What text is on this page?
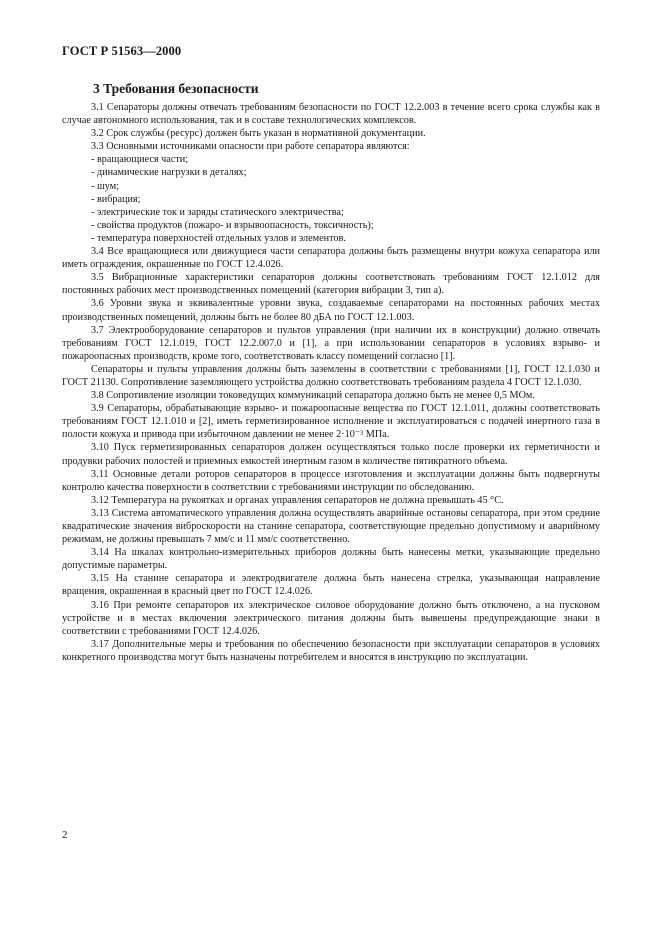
ГОСТ Р 51563—2000
3 Требования безопасности

3.1 Сепараторы должны отвечать требованиям безопасности по ГОСТ 12.2.003 в течение всего срока службы как в случае автономного использования, так и в составе технологических комплексов.

3.2 Срок службы (ресурс) должен быть указан в нормативной документации.

3.3 Основными источниками опасности при работе сепаратора являются:

- вращающиеся части;

- динамические нагрузки в деталях;

- шум;

- вибрация;

- электрические ток и заряды статического электричества;

- свойства продуктов (пожаро- и взрывоопасность, токсичность);

- температура поверхностей отдельных узлов и элементов.

3.4 Все вращающиеся или движущиеся части сепаратора должны быть размещены внутри кожуха сепаратора или иметь ограждения, окрашенные по ГОСТ 12.4.026.

3.5 Вибрационные характеристики сепараторов должны соответствовать требованиям ГОСТ 12.1.012 для постоянных рабочих мест производственных помещений (категория вибрации 3, тип а).

3.6 Уровни звука и эквивалентные уровни звука, создаваемые сепараторами на постоянных рабочих местах производственных помещений, должны быть не более 80 дБА по ГОСТ 12.1.003.

3.7 Электрооборудование сепараторов и пультов управления (при наличии их в конструкции) должно отвечать требованиям ГОСТ 12.1.019, ГОСТ 12.2.007.0 и [1], а при использовании сепараторов в условиях взрыво- и пожароопасных производств, кроме того, соответствовать классу помещений согласно [1].

Сепараторы и пульты управления должны быть заземлены в соответствии с требованиями [1], ГОСТ 12.1.030 и ГОСТ 21130. Сопротивление заземляющего устройства должно соответствовать требованиям раздела 4 ГОСТ 12.1.030.

3.8 Сопротивление изоляции токоведущих коммуникаций сепаратора должно быть не менее 0,5 МОм.

3.9 Сепараторы, обрабатывающие взрыво- и пожароопасные вещества по ГОСТ 12.1.011, должны соответствовать требованиям ГОСТ 12.1.010 и [2], иметь герметизированное исполнение и эксплуатироваться с подачей инертного газа в полости кожуха и привода при избыточном давлении не менее 2·10⁻³ МПа.

3.10 Пуск герметизированных сепараторов должен осуществляться только после проверки их герметичности и продувки рабочих полостей и приемных емкостей инертным газом в количестве пятикратного объема.

3.11 Основные детали роторов сепараторов в процессе изготовления и эксплуатации должны быть подвергнуты контролю качества поверхности в соответствии с требованиями инструкции по обследованию.

3.12 Температура на рукоятках и органах управления сепараторов не должна превышать 45 °С.

3.13 Система автоматического управления должна осуществлять аварийные остановы сепаратора, при этом средние квадратические значения виброскорости на станине сепаратора, соответствующие предельно допустимому и аварийному режимам, не должны превышать 7 мм/с и 11 мм/с соответственно.

3.14 На шкалах контрольно-измерительных приборов должны быть нанесены метки, указывающие предельно допустимые параметры.

3.15 На станине сепаратора и электродвигателе должна быть нанесена стрелка, указывающая направление вращения, окрашенная в красный цвет по ГОСТ 12.4.026.

3.16 При ремонте сепараторов их электрическое силовое оборудование должно быть отключено, а на пусковом устройстве и в местах включения электрического питания должны быть вывешены предупреждающие знаки в соответствии с требованиями ГОСТ 12.4.026.

3.17 Дополнительные меры и требования по обеспечению безопасности при эксплуатации сепараторов в условиях конкретного производства могут быть назначены потребителем и вносятся в инструкцию по эксплуатации.

2
